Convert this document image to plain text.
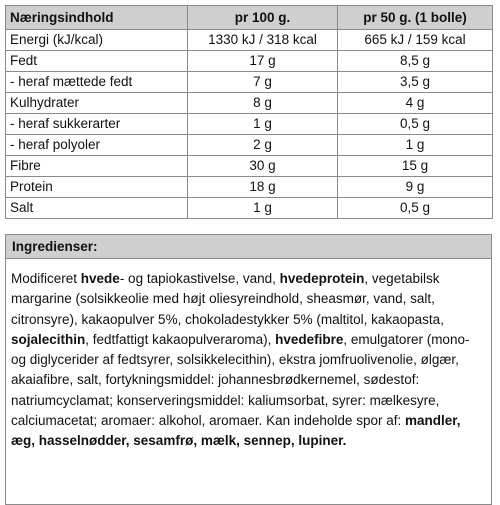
Næringsindhold	pr 100 g.	pr 50 g. (1 bolle)
Energi (kJ/kcal)	1330 kJ / 318 kcal	665 kJ / 159 kcal
Fedt	17 g	8,5 g
- heraf mættede fedt	7 g	3,5 g
Kulhydrater	8 g	4 g
- heraf sukkerarter	1 g	0,5 g
- heraf polyoler	2 g	1 g
Fibre	30 g	15 g
Protein	18 g	9 g
Salt	1 g	0,5 g
Ingredienser:
Modificeret hvede- og tapiokastivelse, vand, hvedeprotein, vegetabilsk margarine (solsikkeolie med højt oliesyreindhold, sheasmør, vand, salt, citronsyre), kakaopulver 5%, chokoladestykker 5% (maltitol, kakaopasta, sojalecithin, fedtfattigt kakaopulveraroma), hvedefibre, emulgatorer (mono- og diglycerider af fedtsyrer, solsikkelecithin), ekstra jomfruolivenolie, ølgær, akaiafibre, salt, fortykningsmiddel: johannesbrødkernemel, sødestof: natriumcyclamat; konserveringsmiddel: kaliumsorbat, syrer: mælkesyre, calciumacetat; aromaer: alkohol, aromaer. Kan indeholde spor af: mandler, æg, hasselnødder, sesamfrø, mælk, sennep, lupiner.
